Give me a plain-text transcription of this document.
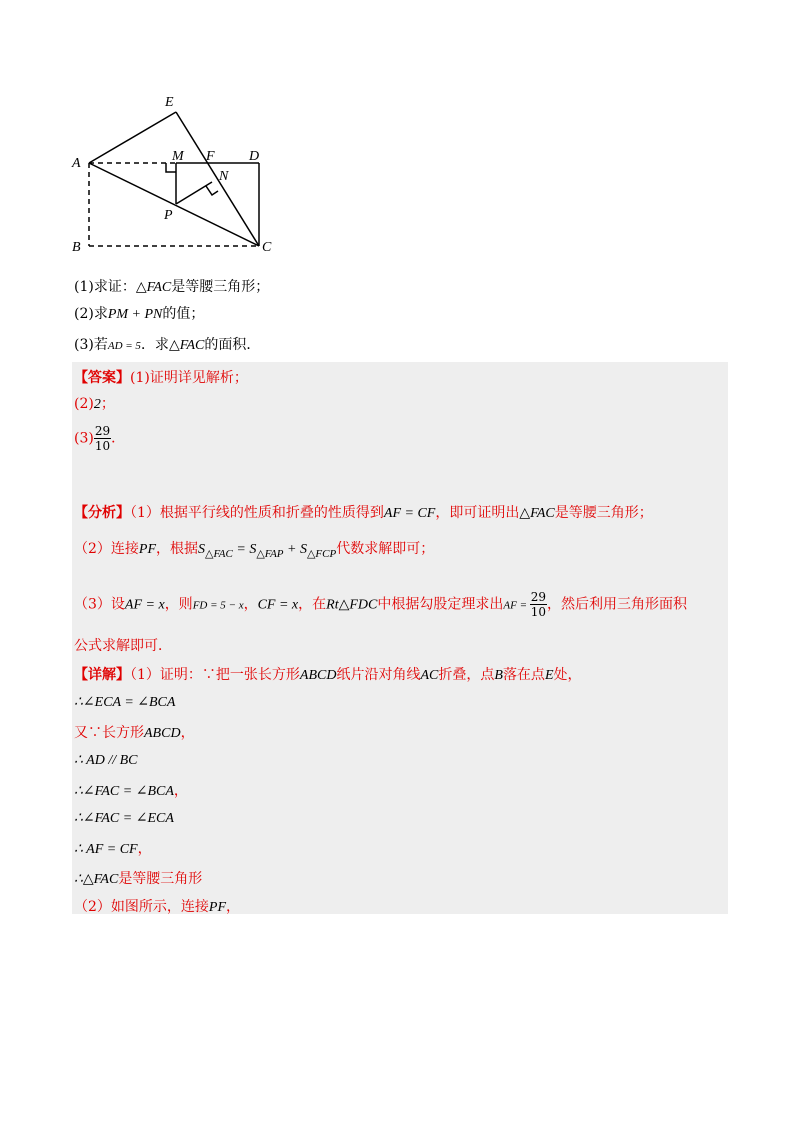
E
A	M F D
N
P
B	C
(1)求证：△FAC是等腰三角形；
(2)求PM + PN的值；
(3)若AD = 5．求△FAC的面积．
【答案】(1)证明详见解析；
(2)2；
$(3) \frac{29}{10}$ ．
【分析】（1）根据平行线的性质和折叠的性质得到AF = CF，即可证明出△FAC是等腰三角形；
（2）连接PF，根据$S_{\triangle FAC} = S_{\triangle FAP} + S_{\triangle FCP}$代数求解即可；
（3）设AF = x，则FD = 5 − x，CF = x，在Rt△FDC中根据勾股定理求出AF = $\frac{29}{10}$ ，然后利用三角形面积
公式求解即可．
【详解】（1）证明：∵把一张长方形ABCD纸片沿对角线AC折叠，点B落在点E处，
∴∠ECA = ∠BCA
又∵长方形ABCD，
∴ AD // BC
∴∠FAC = ∠BCA，
∴∠FAC = ∠ECA
∴ AF = CF，
∴△FAC是等腰三角形
（2）如图所示，连接PF，
